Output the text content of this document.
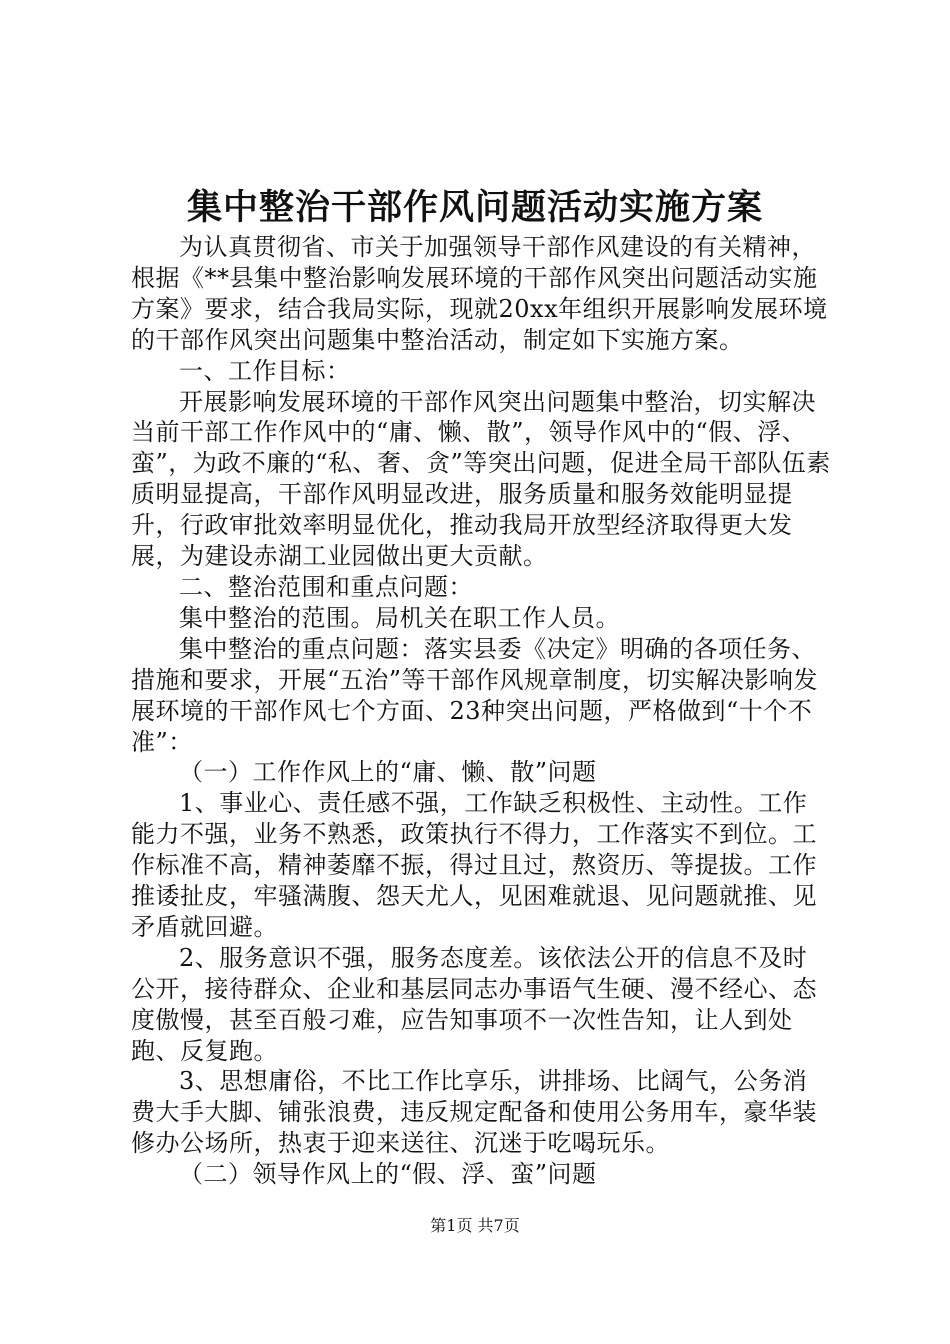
集中整治干部作风问题活动实施方案

为认真贯彻省、市关于加强领导干部作风建设的有关精神，根据《**县集中整治影响发展环境的干部作风突出问题活动实施方案》要求，结合我局实际，现就20xx年组织开展影响发展环境的干部作风突出问题集中整治活动，制定如下实施方案。

一、工作目标：

开展影响发展环境的干部作风突出问题集中整治，切实解决当前干部工作作风中的“庸、懒、散”，领导作风中的“假、浮、蛮”，为政不廉的“私、奢、贪”等突出问题，促进全局干部队伍素质明显提高，干部作风明显改进，服务质量和服务效能明显提升，行政审批效率明显优化，推动我局开放型经济取得更大发展，为建设赤湖工业园做出更大贡献。

二、整治范围和重点问题：

集中整治的范围。局机关在职工作人员。

集中整治的重点问题：落实县委《决定》明确的各项任务、措施和要求，开展“五治”等干部作风规章制度，切实解决影响发展环境的干部作风七个方面、23种突出问题，严格做到“十个不准”：

（一）工作作风上的“庸、懒、散”问题

1、事业心、责任感不强，工作缺乏积极性、主动性。工作能力不强，业务不熟悉，政策执行不得力，工作落实不到位。工作标准不高，精神萎靡不振，得过且过，熬资历、等提拔。工作推诿扯皮，牢骚满腹、怨天尤人，见困难就退、见问题就推、见矛盾就回避。

2、服务意识不强，服务态度差。该依法公开的信息不及时公开，接待群众、企业和基层同志办事语气生硬、漫不经心、态度傲慢，甚至百般刁难，应告知事项不一次性告知，让人到处跑、反复跑。

3、思想庸俗，不比工作比享乐，讲排场、比阔气，公务消费大手大脚、铺张浪费，违反规定配备和使用公务用车，豪华装修办公场所，热衷于迎来送往、沉迷于吃喝玩乐。

（二）领导作风上的“假、浮、蛮”问题

第1页 共7页
